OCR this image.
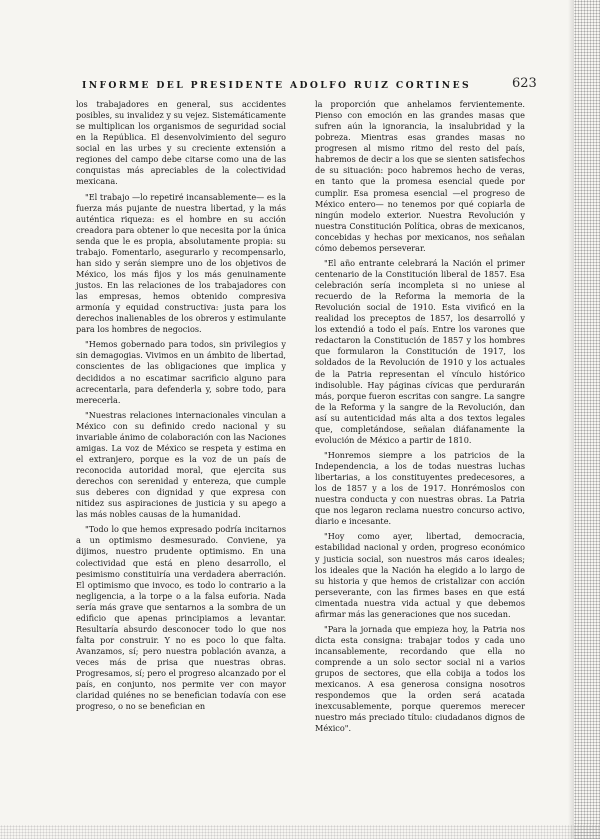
INFORME DEL PRESIDENTE ADOLFO RUIZ CORTINES	623

los trabajadores en general, sus accidentes posibles, su invalidez y su vejez. Sistemáticamente se multiplican los organismos de seguridad social en la República. El desenvolvimiento del seguro social en las urbes y su creciente extensión a regiones del campo debe citarse como una de las conquistas más apreciables de la colectividad mexicana.

"El trabajo —lo repetiré incansablemente— es la fuerza más pujante de nuestra libertad, y la más auténtica riqueza: es el hombre en su acción creadora para obtener lo que necesita por la única senda que le es propia, absolutamente propia: su trabajo. Fomentarlo, asegurarlo y recompensarlo, han sido y serán siempre uno de los objetivos de México, los más fijos y los más genuinamente justos. En las relaciones de los trabajadores con las empresas, hemos obtenido compresiva armonía y equidad constructiva: justa para los derechos inalienables de los obreros y estimulante para los hombres de negocios.

"Hemos gobernado para todos, sin privilegios y sin demagogias. Vivimos en un ámbito de libertad, conscientes de las obligaciones que implica y decididos a no escatimar sacrificio alguno para acrecentarla, para defenderla y, sobre todo, para merecerla.

"Nuestras relaciones internacionales vinculan a México con su definido credo nacional y su invariable ánimo de colaboración con las Naciones amigas. La voz de México se respeta y estima en el extranjero, porque es la voz de un país de reconocida autoridad moral, que ejercita sus derechos con serenidad y entereza, que cumple sus deberes con dignidad y que expresa con nitidez sus aspiraciones de justicia y su apego a las más nobles causas de la humanidad.

"Todo lo que hemos expresado podría incitarnos a un optimismo desmesurado. Conviene, ya dijimos, nuestro prudente optimismo. En una colectividad que está en pleno desarrollo, el pesimismo constituiría una verdadera aberración. El optimismo que invoco, es todo lo contrario a la negligencia, a la torpe o a la falsa euforia. Nada sería más grave que sentarnos a la sombra de un edificio que apenas principiamos a levantar. Resultaría absurdo desconocer todo lo que nos falta por construir. Y no es poco lo que falta. Avanzamos, sí; pero nuestra población avanza, a veces más de prisa que nuestras obras. Progresamos, sí; pero el progreso alcanzado por el país, en conjunto, nos permite ver con mayor claridad quiénes no se benefician todavía con ese progreso, o no se benefician en

la proporción que anhelamos fervientemente. Pienso con emoción en las grandes masas que sufren aún la ignorancia, la insalubridad y la pobreza. Mientras esas grandes masas no progresen al mismo ritmo del resto del país, habremos de decir a los que se sienten satisfechos de su situación: poco habremos hecho de veras, en tanto que la promesa esencial quede por cumplir. Esa promesa esencial —el progreso de México entero— no tenemos por qué copiarla de ningún modelo exterior. Nuestra Revolución y nuestra Constitución Política, obras de mexicanos, concebidas y hechas por mexicanos, nos señalan cómo debemos perseverar.

"El año entrante celebrará la Nación el primer centenario de la Constitución liberal de 1857. Esa celebración sería incompleta si no uniese al recuerdo de la Reforma la memoria de la Revolución social de 1910. Esta vivificó en la realidad los preceptos de 1857, los desarrolló y los extendió a todo el país. Entre los varones que redactaron la Constitución de 1857 y los hombres que formularon la Constitución de 1917, los soldados de la Revolución de 1910 y los actuales de la Patria representan el vínculo histórico indisoluble. Hay páginas cívicas que perdurarán más, porque fueron escritas con sangre. La sangre de la Reforma y la sangre de la Revolución, dan así su autenticidad más alta a dos textos legales que, completándose, señalan diáfanamente la evolución de México a partir de 1810.

"Honremos siempre a los patricios de la Independencia, a los de todas nuestras luchas libertarias, a los constituyentes predecesores, a los de 1857 y a los de 1917. Honrémoslos con nuestra conducta y con nuestras obras. La Patria que nos legaron reclama nuestro concurso activo, diario e incesante.

"Hoy como ayer, libertad, democracia, estabilidad nacional y orden, progreso económico y justicia social, son nuestros más caros ideales; los ideales que la Nación ha elegido a lo largo de su historia y que hemos de cristalizar con acción perseverante, con las firmes bases en que está cimentada nuestra vida actual y que debemos afirmar más las generaciones que nos sucedan.

"Para la jornada que empieza hoy, la Patria nos dicta esta consigna: trabajar todos y cada uno incansablemente, recordando que ella no comprende a un solo sector social ni a varios grupos de sectores, que ella cobija a todos los mexicanos. A esa generosa consigna nosotros respondemos que la orden será acatada inexcusablemente, porque queremos merecer nuestro más preciado título: ciudadanos dignos de México".
